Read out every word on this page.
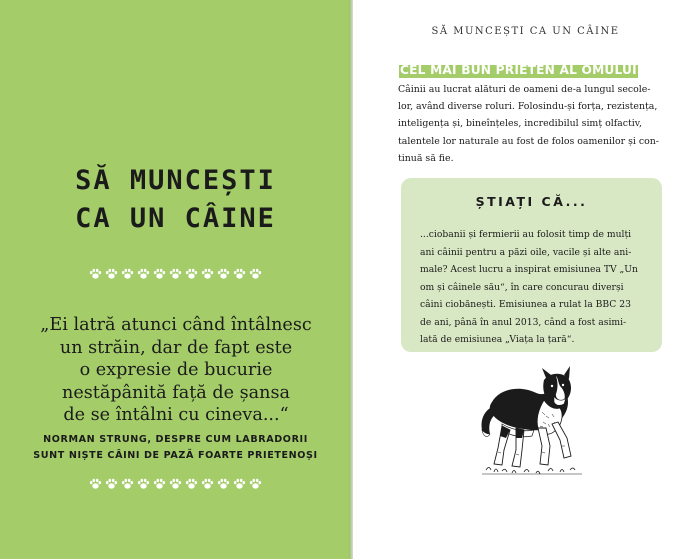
SĂ MUNCEȘTI
CA UN CÂINE
„Ei latră atunci când întâlnesc
un străin, dar de fapt este
o expresie de bucurie
nestăpânită față de șansa
de se întâlni cu cineva...“
NORMAN STRUNG, DESPRE CUM LABRADORII
SUNT NIȘTE CÂINI DE PAZĂ FOARTE PRIETENOȘI
SĂ MUNCEȘTI CA UN CÂINE
CEL MAI BUN PRIETEN AL OMULUI
Câinii au lucrat alături de oameni de-a lungul secole-
lor, având diverse roluri. Folosindu-și forța, rezistența,
inteligența și, bineînțeles, incredibilul simț olfactiv,
talentele lor naturale au fost de folos oamenilor și con-
tinuă să fie.
ȘTIAȚI CĂ...
...ciobanii și fermierii au folosit timp de mulți
ani câinii pentru a păzi oile, vacile și alte ani-
male? Acest lucru a inspirat emisiunea TV „Un
om și câinele său“, în care concurau diverși
câini ciobănești. Emisiunea a rulat la BBC 23
de ani, până în anul 2013, când a fost asimi-
lată de emisiunea „Viața la țară“.
